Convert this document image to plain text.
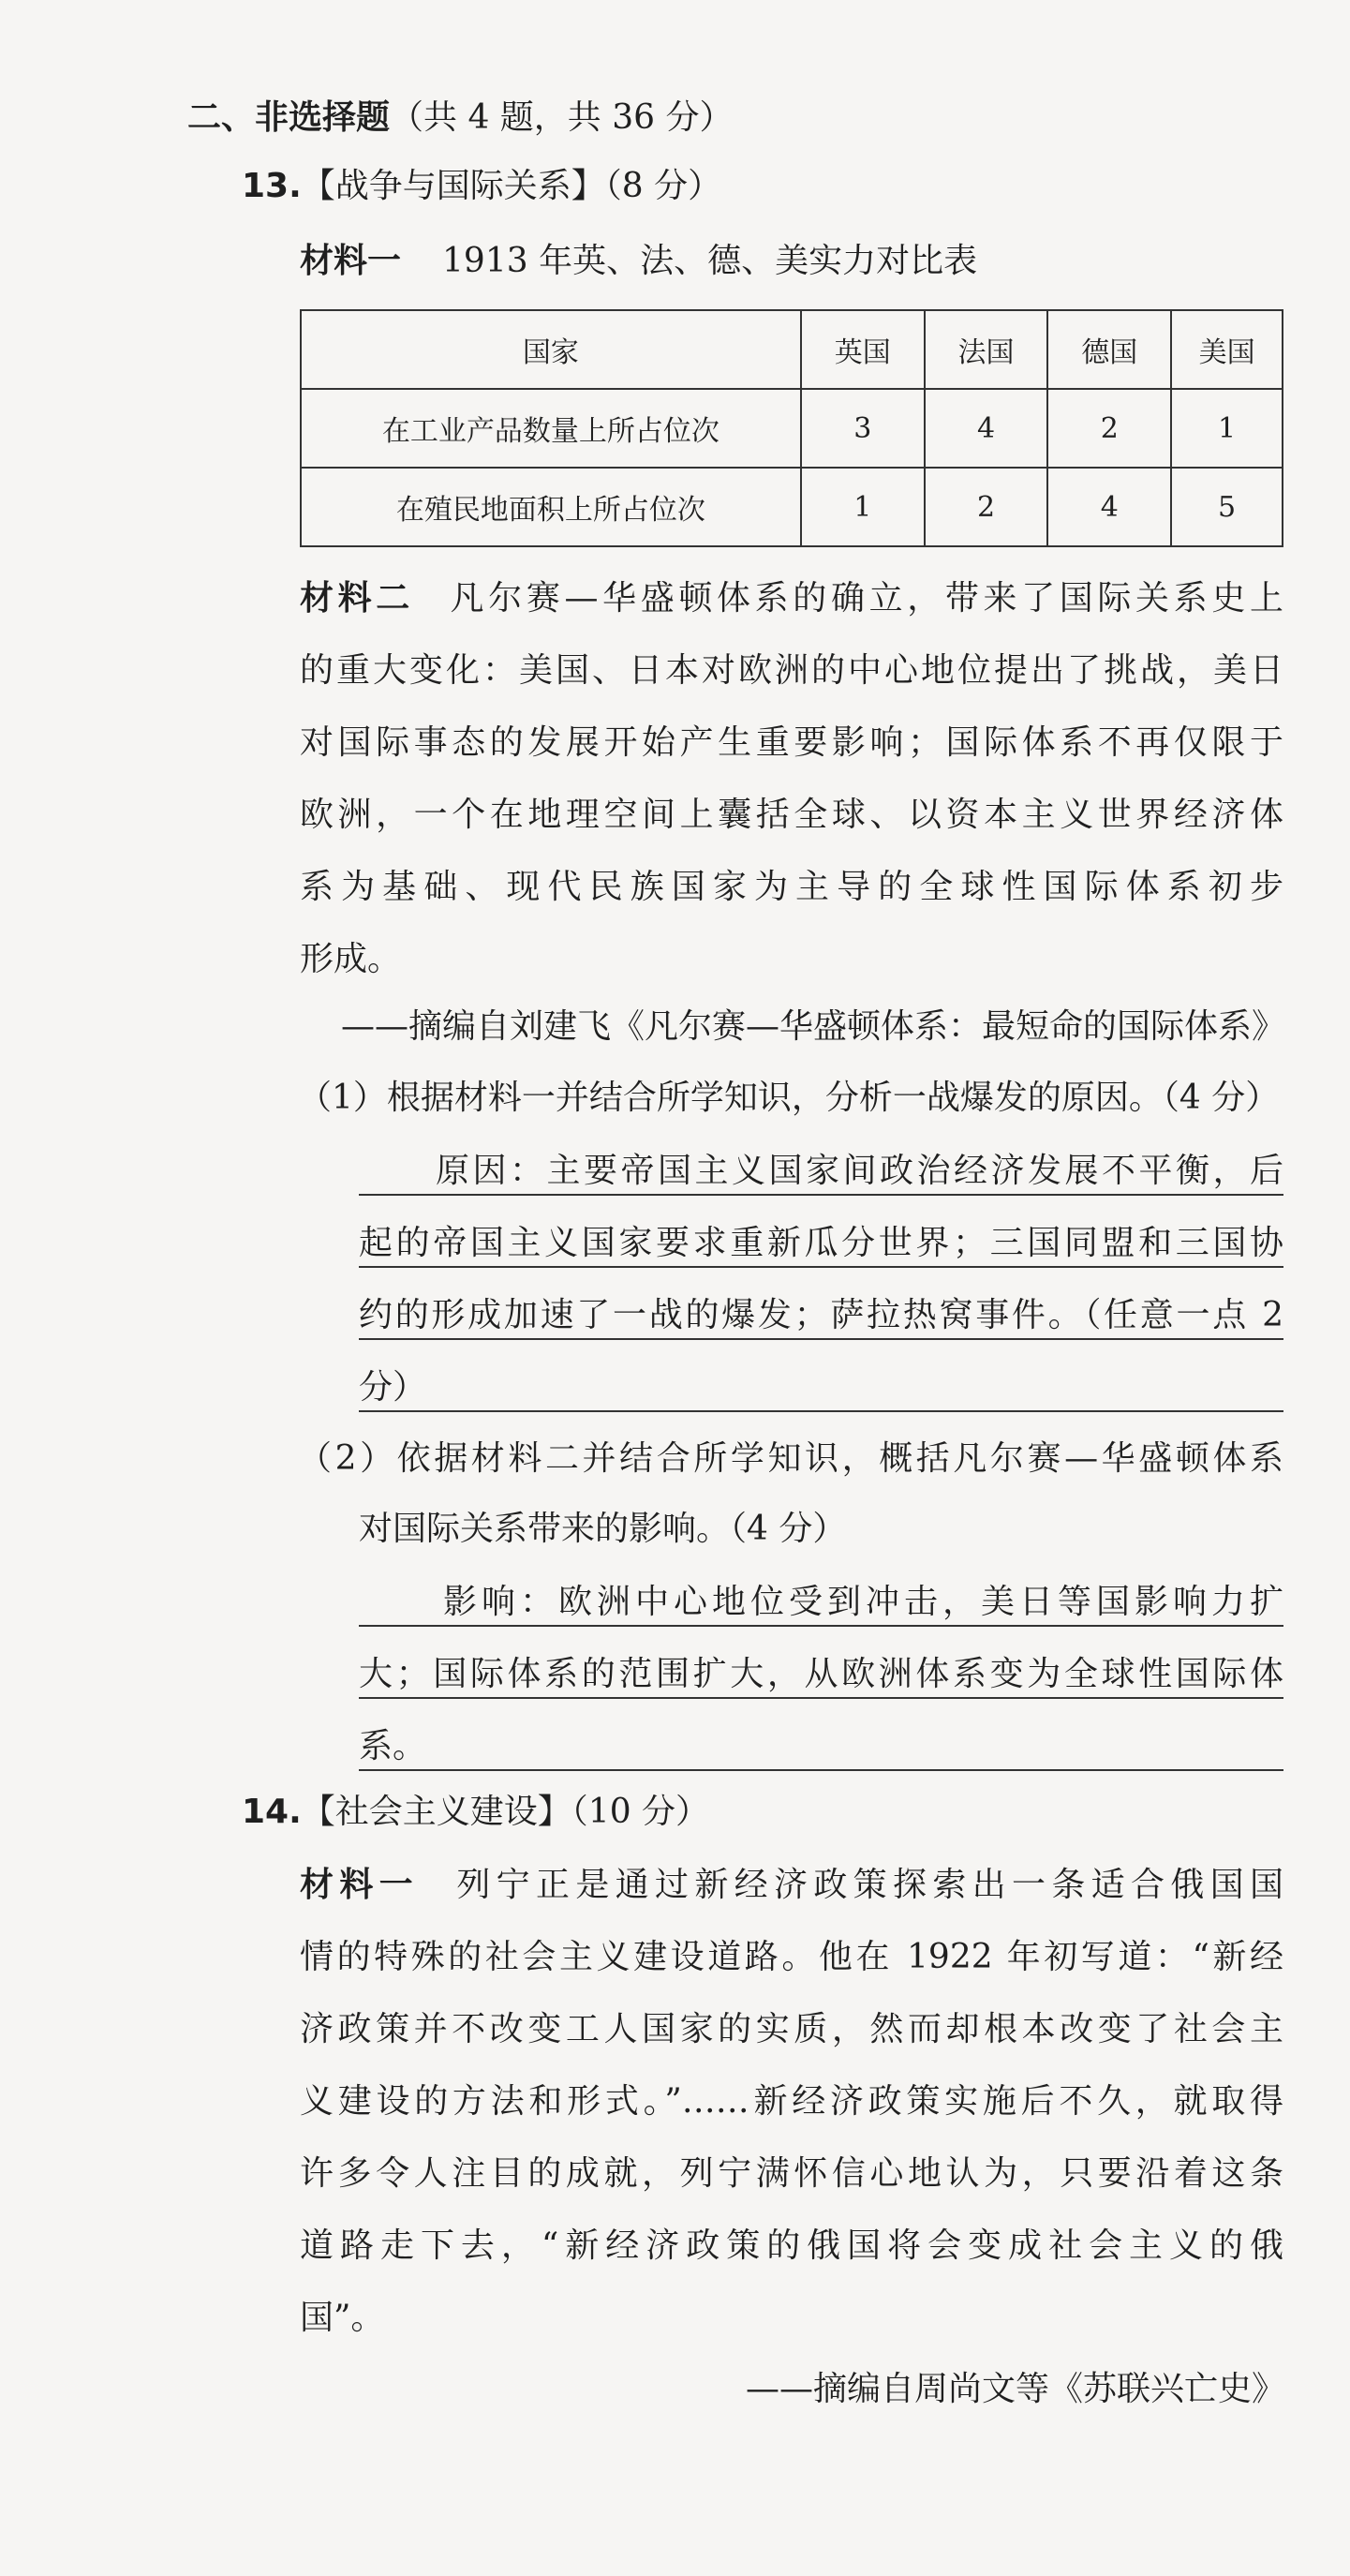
二、非选择题（共 4 题，共 36 分）
13.【战争与国际关系】（8 分）
材料一 1913 年英、法、德、美实力对比表
国家	英国	法国	德国	美国
在工业产品数量上所占位次	3	4	2	1
在殖民地面积上所占位次	1	2	4	5
材料二 凡尔赛—华盛顿体系的确立，带来了国际关系史上
的重大变化：美国、日本对欧洲的中心地位提出了挑战，美日
对国际事态的发展开始产生重要影响；国际体系不再仅限于
欧洲，一个在地理空间上囊括全球、以资本主义世界经济体
系为基础、现代民族国家为主导的全球性国际体系初步
形成。
——摘编自刘建飞《凡尔赛—华盛顿体系：最短命的国际体系》
（1）根据材料一并结合所学知识，分析一战爆发的原因。（4 分）
原因：主要帝国主义国家间政治经济发展不平衡，后
起的帝国主义国家要求重新瓜分世界；三国同盟和三国协
约的形成加速了一战的爆发；萨拉热窝事件。（任意一点 2
分）
（2）依据材料二并结合所学知识，概括凡尔赛—华盛顿体系
对国际关系带来的影响。（4 分）
影响：欧洲中心地位受到冲击，美日等国影响力扩
大；国际体系的范围扩大，从欧洲体系变为全球性国际体
系。
14.【社会主义建设】（10 分）
材料一 列宁正是通过新经济政策探索出一条适合俄国国
情的特殊的社会主义建设道路。他在 1922 年初写道：“新经
济政策并不改变工人国家的实质，然而却根本改变了社会主
义建设的方法和形式。”……新经济政策实施后不久，就取得
许多令人注目的成就，列宁满怀信心地认为，只要沿着这条
道路走下去，“新经济政策的俄国将会变成社会主义的俄
国”。
——摘编自周尚文等《苏联兴亡史》
